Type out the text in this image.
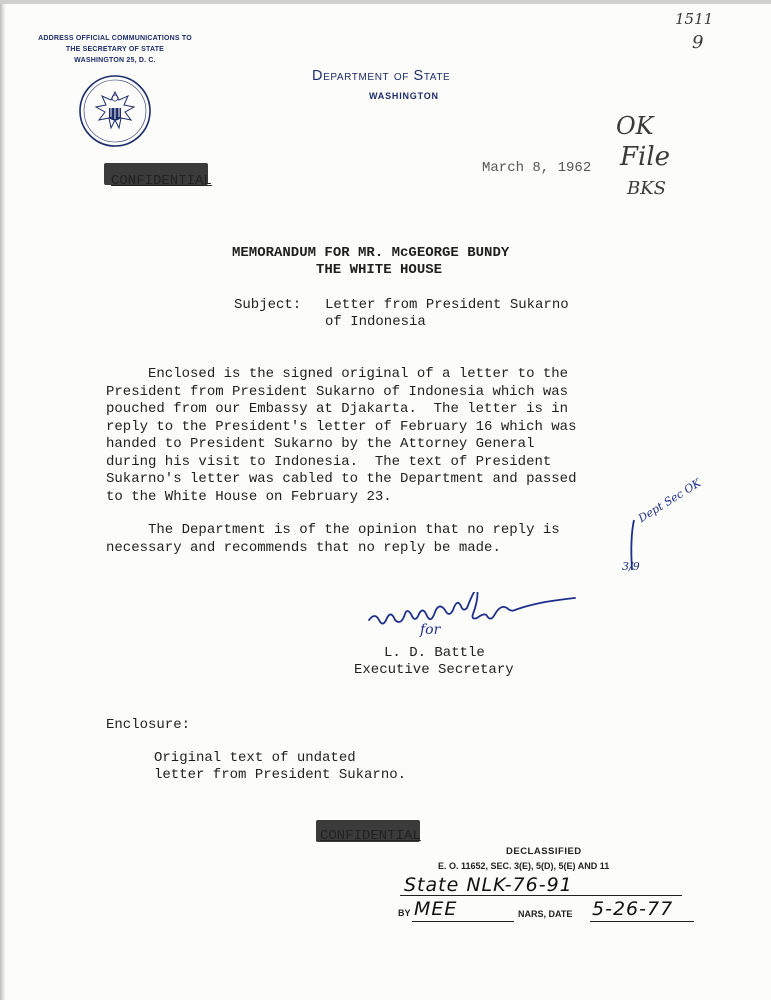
ADDRESS OFFICIAL COMMUNICATIONS TO
THE SECRETARY OF STATE
WASHINGTON 25, D. C.
Department of State
WASHINGTON
1511
9
OK
File
BKS
March 8, 1962
CONFIDENTIAL
MEMORANDUM FOR MR. McGEORGE BUNDY
THE WHITE HOUSE
Subject: Letter from President Sukarno
of Indonesia
Enclosed is the signed original of a letter to the
President from President Sukarno of Indonesia which was
pouched from our Embassy at Djakarta.  The letter is in
reply to the President's letter of February 16 which was
handed to President Sukarno by the Attorney General
during his visit to Indonesia.  The text of President
Sukarno's letter was cabled to the Department and passed
to the White House on February 23.
The Department is of the opinion that no reply is
necessary and recommends that no reply be made.
Dept Sec OK
3/9
for
L. D. Battle
Executive Secretary
Enclosure:
Original text of undated
letter from President Sukarno.
CONFIDENTIAL
DECLASSIFIED
E. O. 11652, SEC. 3(E), 5(D), 5(E) AND 11
State NLK-76-91
BY MEE	NARS, DATE 5-26-77
